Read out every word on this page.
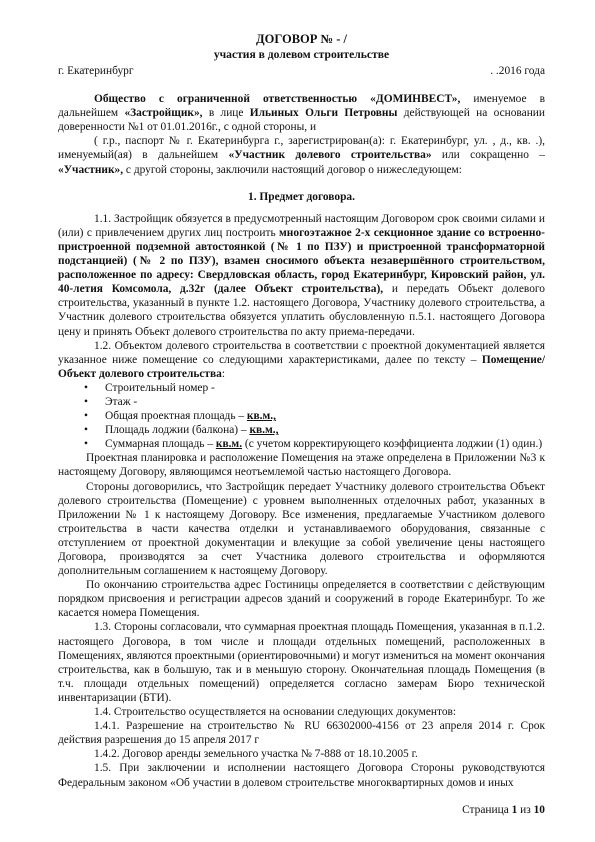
ДОГОВОР № - /
участия в долевом строительстве
г. Екатеринбург	. .2016 года

Общество с ограниченной ответственностью «ДОМИНВЕСТ», именуемое в дальнейшем «Застройщик», в лице Ильиных Ольги Петровны действующей на основании доверенности №1 от 01.01.2016г., с одной стороны, и

( г.р., паспорт № г. Екатеринбурга г., зарегистрирован(а): г. Екатеринбург, ул. , д., кв. .), именуемый(ая) в дальнейшем «Участник долевого строительства» или сокращенно – «Участник», с другой стороны, заключили настоящий договор о нижеследующем:

1. Предмет договора.

1.1. Застройщик обязуется в предусмотренный настоящим Договором срок своими силами и (или) с привлечением других лиц построить многоэтажное 2-х секционное здание со встроенно-пристроенной подземной автостоянкой (№ 1 по ПЗУ) и пристроенной трансформаторной подстанцией) (№ 2 по ПЗУ), взамен сносимого объекта незавершённого строительством, расположенное по адресу: Свердловская область, город Екатеринбург, Кировский район, ул. 40-летия Комсомола, д.32г (далее Объект строительства), и передать Объект долевого строительства, указанный в пункте 1.2. настоящего Договора, Участнику долевого строительства, а Участник долевого строительства обязуется уплатить обусловленную п.5.1. настоящего Договора цену и принять Объект долевого строительства по акту приема-передачи.

1.2. Объектом долевого строительства в соответствии с проектной документацией является указанное ниже помещение со следующими характеристиками, далее по тексту – Помещение/Объект долевого строительства:

• Строительный номер -
• Этаж -
• Общая проектная площадь – кв.м.,
• Площадь лоджии (балкона) – кв.м.,
• Суммарная площадь – кв.м. (с учетом корректирующего коэффициента лоджии (1) один.)

Проектная планировка и расположение Помещения на этаже определена в Приложении №3 к настоящему Договору, являющимся неотъемлемой частью настоящего Договора.

Стороны договорились, что Застройщик передает Участнику долевого строительства Объект долевого строительства (Помещение) с уровнем выполненных отделочных работ, указанных в Приложении № 1 к настоящему Договору. Все изменения, предлагаемые Участником долевого строительства в части качества отделки и устанавливаемого оборудования, связанные с отступлением от проектной документации и влекущие за собой увеличение цены настоящего Договора, производятся за счет Участника долевого строительства и оформляются дополнительным соглашением к настоящему Договору.

По окончанию строительства адрес Гостиницы определяется в соответствии с действующим порядком присвоения и регистрации адресов зданий и сооружений в городе Екатеринбург. То же касается номера Помещения.

1.3. Стороны согласовали, что суммарная проектная площадь Помещения, указанная в п.1.2. настоящего Договора, в том числе и площади отдельных помещений, расположенных в Помещениях, являются проектными (ориентировочными) и могут измениться на момент окончания строительства, как в большую, так и в меньшую сторону. Окончательная площадь Помещения (в т.ч. площади отдельных помещений) определяется согласно замерам Бюро технической инвентаризации (БТИ).

1.4. Строительство осуществляется на основании следующих документов:

1.4.1. Разрешение на строительство № RU 66302000-4156 от 23 апреля 2014 г. Срок действия разрешения до 15 апреля 2017 г

1.4.2. Договор аренды земельного участка № 7-888 от 18.10.2005 г.

1.5. При заключении и исполнении настоящего Договора Стороны руководствуются Федеральным законом «Об участии в долевом строительстве многоквартирных домов и иных

Страница 1 из 10
